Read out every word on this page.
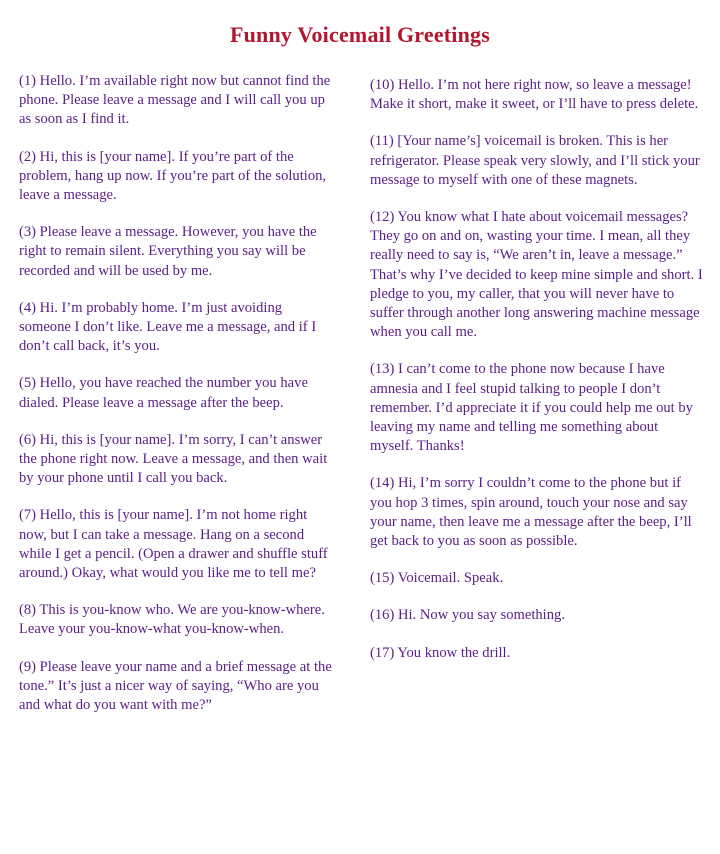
Funny Voicemail Greetings

(1) Hello. I’m available right now but cannot find the phone. Please leave a message and I will call you up as soon as I find it.

(2) Hi, this is [your name]. If you’re part of the problem, hang up now. If you’re part of the solution, leave a message.

(3) Please leave a message. However, you have the right to remain silent. Everything you say will be recorded and will be used by me.

(4) Hi. I’m probably home. I’m just avoiding someone I don’t like. Leave me a message, and if I don’t call back, it’s you.

(5) Hello, you have reached the number you have dialed. Please leave a message after the beep.

(6) Hi, this is [your name]. I’m sorry, I can’t answer the phone right now. Leave a message, and then wait by your phone until I call you back.

(7) Hello, this is [your name]. I’m not home right now, but I can take a message. Hang on a second while I get a pencil. (Open a drawer and shuffle stuff around.) Okay, what would you like me to tell me?

(8) This is you-know who. We are you-know-where. Leave your you-know-what you-know-when.

(9) Please leave your name and a brief message at the tone.” It’s just a nicer way of saying, “Who are you and what do you want with me?”

(10) Hello. I’m not here right now, so leave a message! Make it short, make it sweet, or I’ll have to press delete.

(11) [Your name’s] voicemail is broken. This is her refrigerator. Please speak very slowly, and I’ll stick your message to myself with one of these magnets.

(12) You know what I hate about voicemail messages? They go on and on, wasting your time. I mean, all they really need to say is, “We aren’t in, leave a message.” That’s why I’ve decided to keep mine simple and short. I pledge to you, my caller, that you will never have to suffer through another long answering machine message when you call me.

(13) I can’t come to the phone now because I have amnesia and I feel stupid talking to people I don’t remember. I’d appreciate it if you could help me out by leaving my name and telling me something about myself. Thanks!

(14) Hi, I’m sorry I couldn’t come to the phone but if you hop 3 times, spin around, touch your nose and say your name, then leave me a message after the beep, I’ll get back to you as soon as possible.

(15) Voicemail. Speak.

(16) Hi. Now you say something.

(17) You know the drill.
